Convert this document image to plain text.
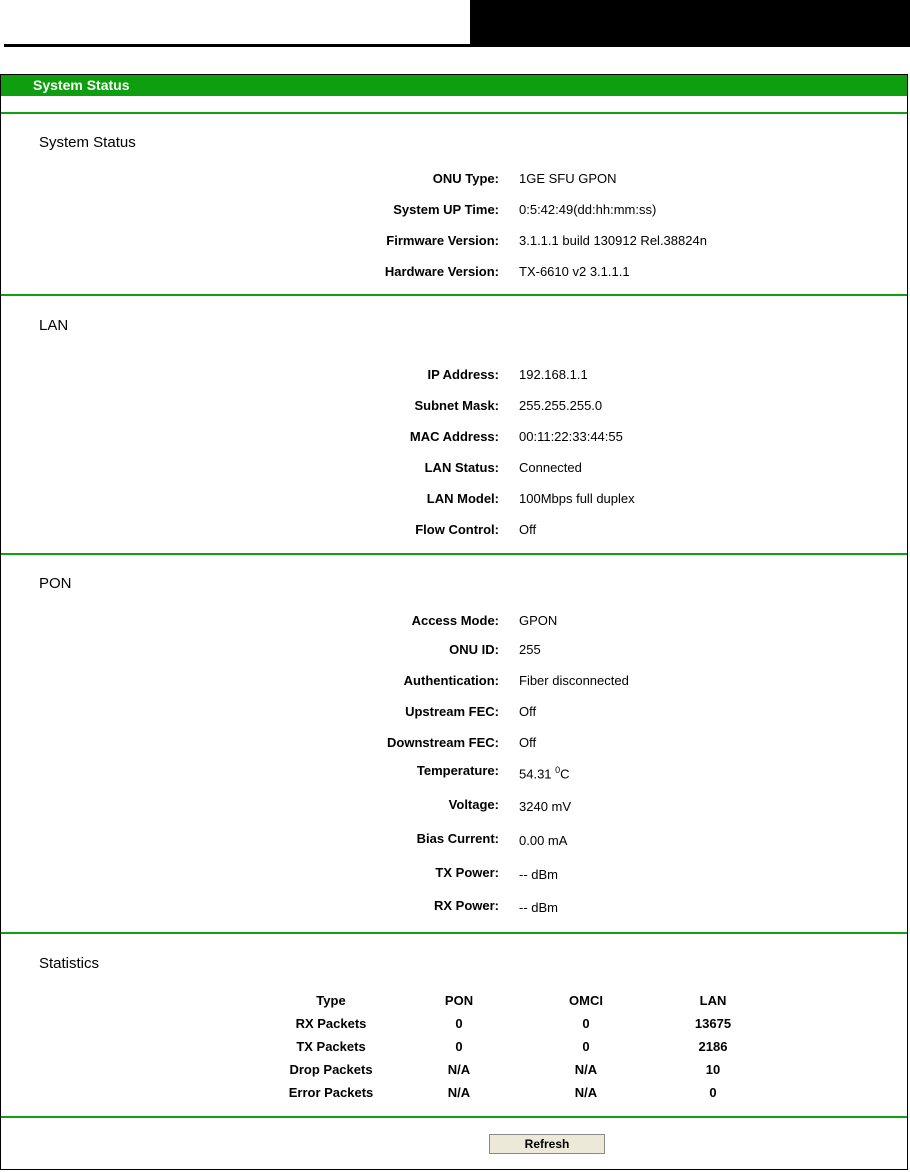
System Status
System Status
ONU Type: 1GE SFU GPON
System UP Time: 0:5:42:49(dd:hh:mm:ss)
Firmware Version: 3.1.1.1 build 130912 Rel.38824n
Hardware Version: TX-6610 v2 3.1.1.1
LAN
IP Address: 192.168.1.1
Subnet Mask: 255.255.255.0
MAC Address: 00:11:22:33:44:55
LAN Status: Connected
LAN Model: 100Mbps full duplex
Flow Control: Off
PON
Access Mode: GPON
ONU ID: 255
Authentication: Fiber disconnected
Upstream FEC: Off
Downstream FEC: Off
Temperature: 54.31 $^0$C
Voltage: 3240 mV
Bias Current: 0.00 mA
TX Power: -- dBm
RX Power: -- dBm
Statistics
Type	PON	OMCI	LAN
RX Packets	0	0	13675
TX Packets	0	0	2186
Drop Packets	N/A	N/A	10
Error Packets	N/A	N/A	0
Refresh
